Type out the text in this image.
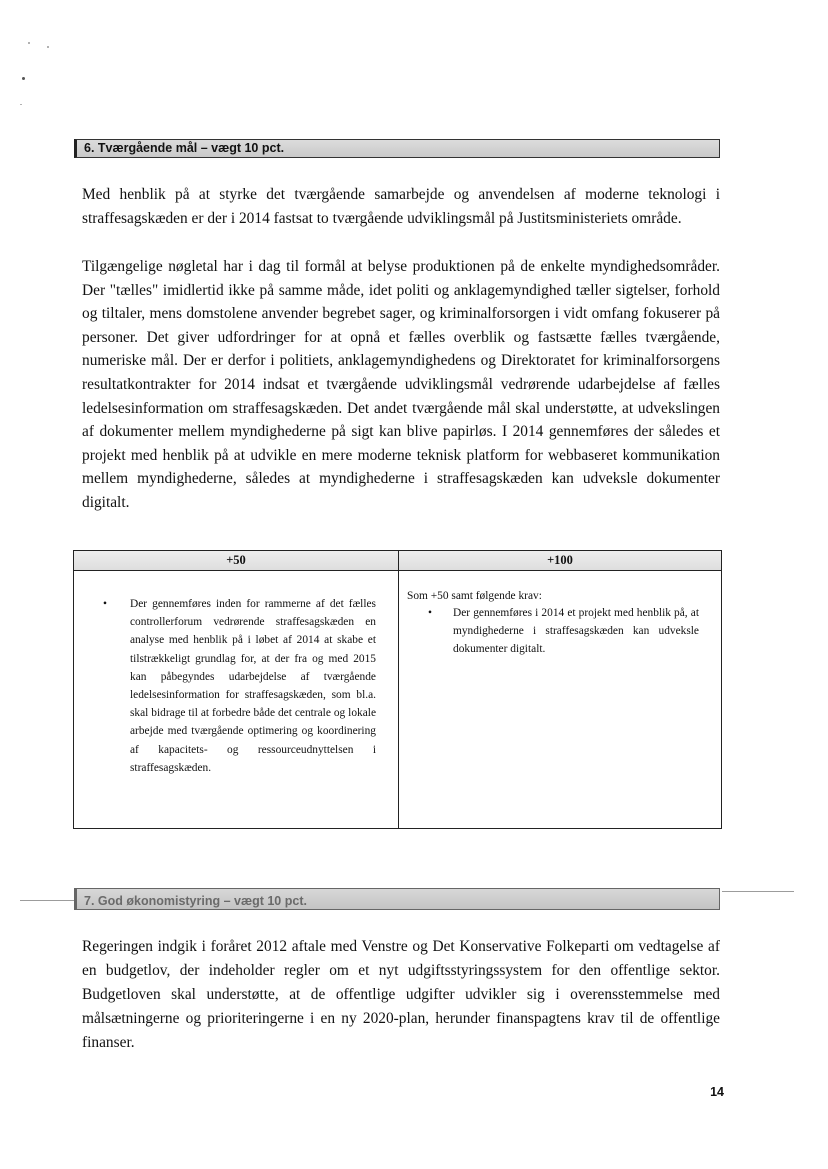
6. Tværgående mål – vægt 10 pct.

Med henblik på at styrke det tværgående samarbejde og anvendelsen af moderne teknologi i straffesagskæden er der i 2014 fastsat to tværgående udviklingsmål på Justitsministeriets område.

Tilgængelige nøgletal har i dag til formål at belyse produktionen på de enkelte myndighedsområder. Der "tælles" imidlertid ikke på samme måde, idet politi og anklagemyndighed tæller sigtelser, forhold og tiltaler, mens domstolene anvender begrebet sager, og kriminalforsorgen i vidt omfang fokuserer på personer. Det giver udfordringer for at opnå et fælles overblik og fastsætte fælles tværgående, numeriske mål. Der er derfor i politiets, anklagemyndighedens og Direktoratet for kriminalforsorgens resultatkontrakter for 2014 indsat et tværgående udviklingsmål vedrørende udarbejdelse af fælles ledelsesinformation om straffesagskæden. Det andet tværgående mål skal understøtte, at udvekslingen af dokumenter mellem myndighederne på sigt kan blive papirløs. I 2014 gennemføres der således et projekt med henblik på at udvikle en mere moderne teknisk platform for webbaseret kommunikation mellem myndighederne, således at myndighederne i straffesagskæden kan udveksle dokumenter digitalt.

+50
• Der gennemføres inden for rammerne af det fælles controllerforum vedrørende straffesagskæden en analyse med henblik på i løbet af 2014 at skabe et tilstrækkeligt grundlag for, at der fra og med 2015 kan påbegyndes udarbejdelse af tværgående ledelsesinformation for straffesagskæden, som bl.a. skal bidrage til at forbedre både det centrale og lokale arbejde med tværgående optimering og koordinering af kapacitets- og ressourceudnyttelsen i straffesagskæden.
+100
Som +50 samt følgende krav:
• Der gennemføres i 2014 et projekt med henblik på, at myndighederne i straffesagskæden kan udveksle dokumenter digitalt.
7. God økonomistyring – vægt 10 pct.

Regeringen indgik i foråret 2012 aftale med Venstre og Det Konservative Folkeparti om vedtagelse af en budgetlov, der indeholder regler om et nyt udgiftsstyringssystem for den offentlige sektor. Budgetloven skal understøtte, at de offentlige udgifter udvikler sig i overensstemmelse med målsætningerne og prioriteringerne i en ny 2020-plan, herunder finanspagtens krav til de offentlige finanser.

14
